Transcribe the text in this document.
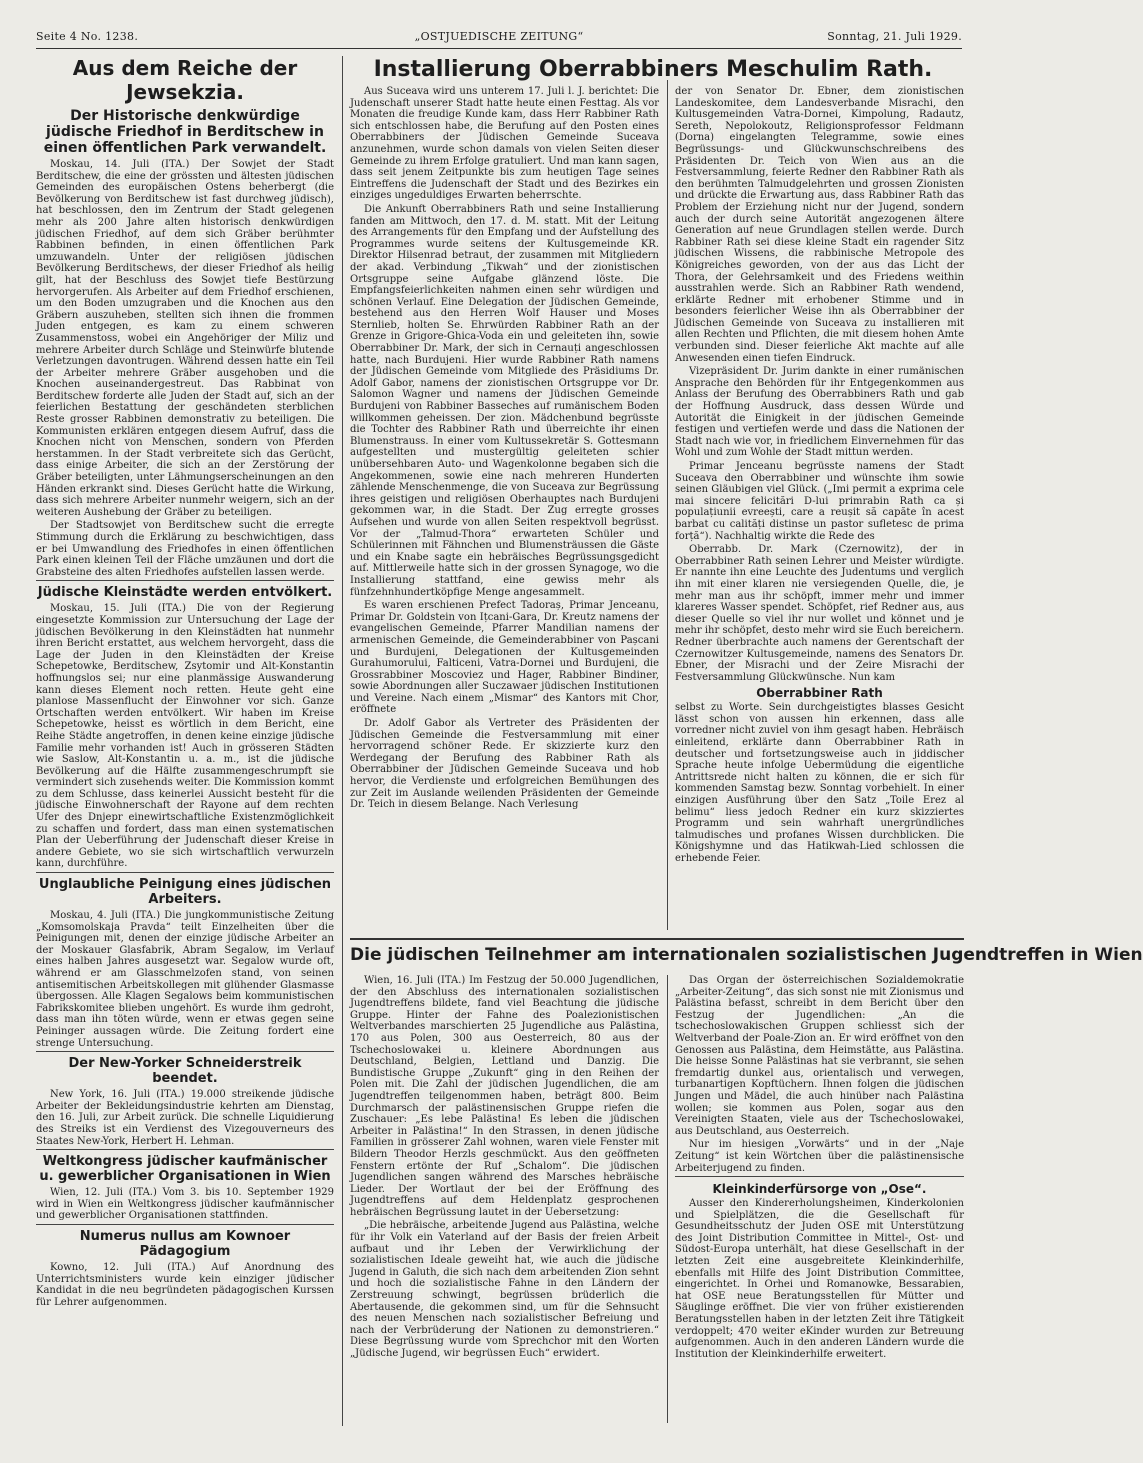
Seite 4 No. 1238.	„OSTJUEDISCHE ZEITUNG“	Sonntag, 21. Juli 1929.
Aus dem Reiche der Jewsekzia.
Der Historische denkwürdige jüdische Friedhof in Berditschew in einen öffentlichen Park verwandelt.

Moskau, 14. Juli (ITA.) Der Sowjet der Stadt Berditschew, die eine der grössten und ältesten jüdischen Gemeinden des europäischen Ostens beherbergt (die Bevölkerung von Berditschew ist fast durchweg jüdisch), hat beschlossen, den im Zentrum der Stadt gelegenen mehr als 200 Jahre alten historisch denkwürdigen jüdischen Friedhof, auf dem sich Gräber berühmter Rabbinen befinden, in einen öffentlichen Park umzuwandeln. Unter der religiösen jüdischen Bevölkerung Berditschews, der dieser Friedhof als heilig gilt, hat der Beschluss des Sowjet tiefe Bestürzung hervorgerufen. Als Arbeiter auf dem Friedhof erschienen, um den Boden umzugraben und die Knochen aus den Gräbern auszuheben, stellten sich ihnen die frommen Juden entgegen, es kam zu einem schweren Zusammenstoss, wobei ein Angehöriger der Miliz und mehrere Arbeiter durch Schläge und Steinwürfe blutende Verletzungen davontrugen. Während dessen hatte ein Teil der Arbeiter mehrere Gräber ausgehoben und die Knochen auseinandergestreut. Das Rabbinat von Berditschew forderte alle Juden der Stadt auf, sich an der feierlichen Bestattung der geschändeten sterblichen Reste grosser Rabbinen demonstrativ zu beteiligen. Die Kommunisten erklären entgegen diesem Aufruf, dass die Knochen nicht von Menschen, sondern von Pferden herstammen. In der Stadt verbreitete sich das Gerücht, dass einige Arbeiter, die sich an der Zerstörung der Gräber beteiligten, unter Lähmungserscheinungen an den Händen erkrankt sind. Dieses Gerücht hatte die Wirkung, dass sich mehrere Arbeiter nunmehr weigern, sich an der weiteren Aushebung der Gräber zu beteiligen.

Der Stadtsowjet von Berditschew sucht die erregte Stimmung durch die Erklärung zu beschwichtigen, dass er bei Umwandlung des Friedhofes in einen öffentlichen Park einen kleinen Teil der Fläche umzäunen und dort die Grabsteine des alten Friedhofes aufstellen lassen werde.

Jüdische Kleinstädte werden entvölkert.

Moskau, 15. Juli (ITA.) Die von der Regierung eingesetzte Kommission zur Untersuchung der Lage der jüdischen Bevölkerung in den Kleinstädten hat nunmehr ihren Bericht erstattet, aus welchem hervorgeht, dass die Lage der Juden in den Kleinstädten der Kreise Schepetowke, Berditschew, Zsytomir und Alt-Konstantin hoffnungslos sei; nur eine planmässige Auswanderung kann dieses Element noch retten. Heute geht eine planlose Massenflucht der Einwohner vor sich. Ganze Ortschaften werden entvölkert. Wir haben im Kreise Schepetowke, heisst es wörtlich in dem Bericht, eine Reihe Städte angetroffen, in denen keine einzige jüdische Familie mehr vorhanden ist! Auch in grösseren Städten wie Saslow, Alt-Konstantin u. a. m., ist die jüdische Bevölkerung auf die Hälfte zusammengeschrumpft sie vermindert sich zusehends weiter. Die Kommission kommt zu dem Schlusse, dass keinerlei Aussicht besteht für die jüdische Einwohnerschaft der Rayone auf dem rechten Ufer des Dnjepr einewirtschaftliche Existenzmöglichkeit zu schaffen und fordert, dass man einen systematischen Plan der Ueberführung der Judenschaft dieser Kreise in andere Gebiete, wo sie sich wirtschaftlich verwurzeln kann, durchführe.

Unglaubliche Peinigung eines jüdischen Arbeiters.

Moskau, 4. Juli (ITA.) Die jungkommunistische Zeitung „Komsomolskaja Pravda“ teilt Einzelheiten über die Peinigungen mit, denen der einzige jüdische Arbeiter an der Moskauer Glasfabrik, Abram Segalow, im Verlauf eines halben Jahres ausgesetzt war. Segalow wurde oft, während er am Glasschmelzofen stand, von seinen antisemitischen Arbeitskollegen mit glühender Glasmasse übergossen. Alle Klagen Segalows beim kommunistischen Fabrikskomitee blieben ungehört. Es wurde ihm gedroht, dass man ihn töten würde, wenn er etwas gegen seine Peininger aussagen würde. Die Zeitung fordert eine strenge Untersuchung.

Der New-Yorker Schneiderstreik beendet.

New York, 16. Juli (ITA.) 19.000 streikende jüdische Arbeiter der Bekleidungsindustrie kehrten am Dienstag, den 16. Juli, zur Arbeit zurück. Die schnelle Liquidierung des Streiks ist ein Verdienst des Vizegouverneurs des Staates New-York, Herbert H. Lehman.

Weltkongress jüdischer kaufmänischer u. gewerblicher Organisationen in Wien

Wien, 12. Juli (ITA.) Vom 3. bis 10. September 1929 wird in Wien ein Weltkongress jüdischer kaufmännischer und gewerblicher Organisationen stattfinden.

Numerus nullus am Kownoer Pädagogium

Kowno, 12. Juli (ITA.) Auf Anordnung des Unterrichtsministers wurde kein einziger jüdischer Kandidat in die neu begründeten pädagogischen Kurssen für Lehrer aufgenommen.

Installierung Oberrabbiners Meschulim Rath.

Aus Suceava wird uns unterem 17. Juli l. J. berichtet: Die Judenschaft unserer Stadt hatte heute einen Festtag. Als vor Monaten die freudige Kunde kam, dass Herr Rabbiner Rath sich entschlossen habe, die Berufung auf den Posten eines Oberrabbiners der Jüdischen Gemeinde Suceava anzunehmen, wurde schon damals von vielen Seiten dieser Gemeinde zu ihrem Erfolge gratuliert. Und man kann sagen, dass seit jenem Zeitpunkte bis zum heutigen Tage seines Eintreffens die Judenschaft der Stadt und des Bezirkes ein einziges ungeduldiges Erwarten beherrschte.

Die Ankunft Oberrabbiners Rath und seine Installierung fanden am Mittwoch, den 17. d. M. statt. Mit der Leitung des Arrangements für den Empfang und der Aufstellung des Programmes wurde seitens der Kultusgemeinde KR. Direktor Hilsenrad betraut, der zusammen mit Mitgliedern der akad. Verbindung „Tikwah“ und der zionistischen Ortsgruppe seine Aufgabe glänzend löste. Die Empfangsfeierlichkeiten nahmen einen sehr würdigen und schönen Verlauf. Eine Delegation der Jüdischen Gemeinde, bestehend aus den Herren Wolf Hauser und Moses Sternlieb, holten Se. Ehrwürden Rabbiner Rath an der Grenze in Grigore-Ghica-Voda ein und geleiteten ihn, sowie Oberrabbiner Dr. Mark, der sich in Cernauți angeschlossen hatte, nach Burdujeni. Hier wurde Rabbiner Rath namens der Jüdischen Gemeinde vom Mitgliede des Präsidiums Dr. Adolf Gabor, namens der zionistischen Ortsgruppe vor Dr. Salomon Wagner und namens der Jüdischen Gemeinde Burdujeni von Rabbiner Basseches auf rumänischem Boden willkommen geheissen. Der zion. Mädchenbund begrüsste die Tochter des Rabbiner Rath und überreichte ihr einen Blumenstrauss. In einer vom Kultussekretär S. Gottesmann aufgestellten und mustergültig geleiteten schier unübersehbaren Auto- und Wagenkolonne begaben sich die Angekommenen, sowie eine nach mehreren Hunderten zählende Menschenmenge, die von Suceava zur Begrüssung ihres geistigen und religiösen Oberhauptes nach Burdujeni gekommen war, in die Stadt. Der Zug erregte grosses Aufsehen und wurde von allen Seiten respektvoll begrüsst. Vor der „Talmud-Thora“ erwarteten Schüler und Schülerinnen mit Fähnchen und Blumensträussen die Gäste und ein Knabe sagte ein hebräisches Begrüssungsgedicht auf. Mittlerweile hatte sich in der grossen Synagoge, wo die Installierung stattfand, eine gewiss mehr als fünfzehnhundertköpfige Menge angesammelt.

Es waren erschienen Prefect Tadoraș, Primar Jenceanu, Primar Dr. Goldstein von Ițcani-Gara, Dr. Kreutz namens der evangelischen Gemeinde, Pfarrer Mandilian namens der armenischen Gemeinde, die Gemeinderabbiner von Pașcani und Burdujeni, Delegationen der Kultusgemeinden Gurahumorului, Falticeni, Vatra-Dornei und Burdujeni, die Grossrabbiner Moscoviez und Hager, Rabbiner Bindiner, sowie Abordnungen aller Suczawaer jüdischen Institutionen und Vereine. Nach einem „Mismar“ des Kantors mit Chor, eröffnete

Dr. Adolf Gabor als Vertreter des Präsidenten der Jüdischen Gemeinde die Festversammlung mit einer hervorragend schöner Rede. Er skizzierte kurz den Werdegang der Berufung des Rabbiner Rath als Oberrabbiner der Jüdischen Gemeinde Suceava und hob hervor, die Verdienste und erfolgreichen Bemühungen des zur Zeit im Auslande weilenden Präsidenten der Gemeinde Dr. Teich in diesem Belange. Nach Verlesung

der von Senator Dr. Ebner, dem zionistischen Landeskomitee, dem Landesverbande Misrachi, den Kultusgemeinden Vatra-Dornei, Kimpolung, Radautz, Sereth, Nepolokoutz, Religionsprofessor Feldmann (Dornа) eingelangten Telegramme, sowie eines Begrüssungs- und Glückwunschschreibens des Präsidenten Dr. Teich von Wien aus an die Festversammlung, feierte Redner den Rabbiner Rath als den berühmten Talmudgelehrten und grossen Zionisten und drückte die Erwartung aus, dass Rabbiner Rath das Problem der Erziehung nicht nur der Jugend, sondern auch der durch seine Autorität angezogenen ältere Generation auf neue Grundlagen stellen werde. Durch Rabbiner Rath sei diese kleine Stadt ein ragender Sitz jüdischen Wissens, die rabbinische Metropole des Königreiches geworden, von der aus das Licht der Thora, der Gelehrsamkeit und des Friedens weithin ausstrahlen werde. Sich an Rabbiner Rath wendend, erklärte Redner mit erhobener Stimme und in besonders feierlicher Weise ihn als Oberrabbiner der Jüdischen Gemeinde von Suceava zu installieren mit allen Rechten und Pflichten, die mit diesem hohen Amte verbunden sind. Dieser feierliche Akt machte auf alle Anwesenden einen tiefen Eindruck.

Vizepräsident Dr. Jurim dankte in einer rumänischen Ansprache den Behörden für ihr Entgegenkommen aus Anlass der Berufung des Oberrabbiners Rath und gab der Hoffnung Ausdruck, dass dessen Würde und Autorität die Einigkeit in der jüdischen Gemeinde festigen und vertiefen werde und dass die Nationen der Stadt nach wie vor, in friedlichem Einvernehmen für das Wohl und zum Wohle der Stadt mittun werden.

Primar Jenceanu begrüsste namens der Stadt Suceava den Oberrabbiner und wünschte ihm sowie seinen Gläubigen viel Glück. („Imi permit a exprima cele mai sincere felicitări D-lui primrabin Rath ca și populațiunii evreești, care a reușit să capăte în acest barbat cu calități distinse un pastor sufletesc de prima forță“). Nachhaltig wirkte die Rede des

Oberrabb. Dr. Mark (Czernowitz), der in Oberrabbiner Rath seinen Lehrer und Meister würdigte. Er nannte ihn eine Leuchte des Judentums und verglich ihn mit einer klaren nie versiegenden Quelle, die, je mehr man aus ihr schöpft, immer mehr und immer klareres Wasser spendet. Schöpfet, rief Redner aus, aus dieser Quelle so viel ihr nur wollet und könnet und je mehr ihr schöpfet, desto mehr wird sie Euch bereichern. Redner überbrachte auch namens der Gerentschaft der Czernowitzer Kultusgemeinde, namens des Senators Dr. Ebner, der Misrachi und der Zeire Misrachi der Festversammlung Glückwünsche. Nun kam

Oberrabbiner Rath

selbst zu Worte. Sein durchgeistigtes blasses Gesicht lässt schon von aussen hin erkennen, dass alle vorredner nicht zuviel von ihm gesagt haben. Hebräisch einleitend, erklärte dann Oberrabbiner Rath in deutscher und fortsetzungsweise auch in jiddischer Sprache heute infolge Uebermüdung die eigentliche Antrittsrede nicht halten zu können, die er sich für kommenden Samstag bezw. Sonntag vorbehielt. In einer einzigen Ausführung über den Satz „Toile Erez al belimu“ liess jedoch Redner ein kurz skizziertes Programm und sein wahrhaft unergründliches talmudisches und profanes Wissen durchblicken. Die Königshymne und das Hatikwah-Lied schlossen die erhebende Feier.

Die jüdischen Teilnehmer am internationalen sozialistischen Jugendtreffen in Wien

Wien, 16. Juli (ITA.) Im Festzug der 50.000 Jugendlichen, der den Abschluss des internationalen sozialistischen Jugendtreffens bildete, fand viel Beachtung die jüdische Gruppe. Hinter der Fahne des Poalezionistischen Weltverbandes marschierten 25 Jugendliche aus Palästina, 170 aus Polen, 300 aus Oesterreich, 80 aus der Tschechoslowakei u. kleinere Abordnungen aus Deutschland, Belgien, Lettland und Danzig. Die Bundistische Gruppe „Zukunft“ ging in den Reihen der Polen mit. Die Zahl der jüdischen Jugendlichen, die am Jugendtreffen teilgenommen haben, beträgt 800. Beim Durchmarsch der palästinensischen Gruppe riefen die Zuschauer: „Es lebe Palästina! Es leben die jüdischen Arbeiter in Palästina!“ In den Strassen, in denen jüdische Familien in grösserer Zahl wohnen, waren viele Fenster mit Bildern Theodor Herzls geschmückt. Aus den geöffneten Fenstern ertönte der Ruf „Schalom“. Die jüdischen Jugendlichen sangen während des Marsches hebräische Lieder. Der Wortlaut der bei der Eröffnung des Jugendtreffens auf dem Heldenplatz gesprochenen hebräischen Begrüssung lautet in der Uebersetzung:

„Die hebräische, arbeitende Jugend aus Palästina, welche für ihr Volk ein Vaterland auf der Basis der freien Arbeit aufbaut und ihr Leben der Verwirklichung der sozialistischen Ideale geweiht hat, wie auch die jüdische Jugend in Galuth, die sich nach dem arbeitenden Zion sehnt und hoch die sozialistische Fahne in den Ländern der Zerstreuung schwingt, begrüssen brüderlich die Abertausende, die gekommen sind, um für die Sehnsucht des neuen Menschen nach sozialistischer Befreiung und nach der Verbrüderung der Nationen zu demonstrieren.“ Diese Begrüssung wurde vom Sprechchor mit den Worten „Jüdische Jugend, wir begrüssen Euch“ erwidert.

Das Organ der österreichischen Sozialdemokratie „Arbeiter-Zeitung“, das sich sonst nie mit Zionismus und Palästina befasst, schreibt in dem Bericht über den Festzug der Jugendlichen: „An die tschechoslowakischen Gruppen schliesst sich der Weltverband der Poale-Zion an. Er wird eröffnet von den Genossen aus Palästina, dem Heimstätte, aus Palästina. Die heisse Sonne Palästinas hat sie verbrannt, sie sehen fremdartig dunkel aus, orientalisch und verwegen, turbanartigen Kopftüchern. Ihnen folgen die jüdischen Jungen und Mädel, die auch hinüber nach Palästina wollen; sie kommen aus Polen, sogar aus den Vereinigten Staaten, viele aus der Tschechoslowakei, aus Deutschland, aus Oesterreich.

Nur im hiesigen „Vorwärts“ und in der „Naje Zeitung“ ist kein Wörtchen über die palästinensische Arbeiterjugend zu finden.

Kleinkinderfürsorge von „Ose“.

Ausser den Kindererholungsheimen, Kinderkolonien und Spielplätzen, die die Gesellschaft für Gesundheitsschutz der Juden OSE mit Unterstützung des Joint Distribution Committee in Mittel-, Ost- und Südost-Europa unterhält, hat diese Gesellschaft in der letzten Zeit eine ausgebreitete Kleinkinderhilfe, ebenfalls mit Hilfe des Joint Distribution Committee, eingerichtet. In Orhei und Romanowke, Bessarabien, hat OSE neue Beratungsstellen für Mütter und Säuglinge eröffnet. Die vier von früher existierenden Beratungsstellen haben in der letzten Zeit ihre Tätigkeit verdoppelt; 470 weiter eKinder wurden zur Betreuung aufgenommen. Auch in den anderen Ländern wurde die Institution der Kleinkinderhilfe erweitert.
